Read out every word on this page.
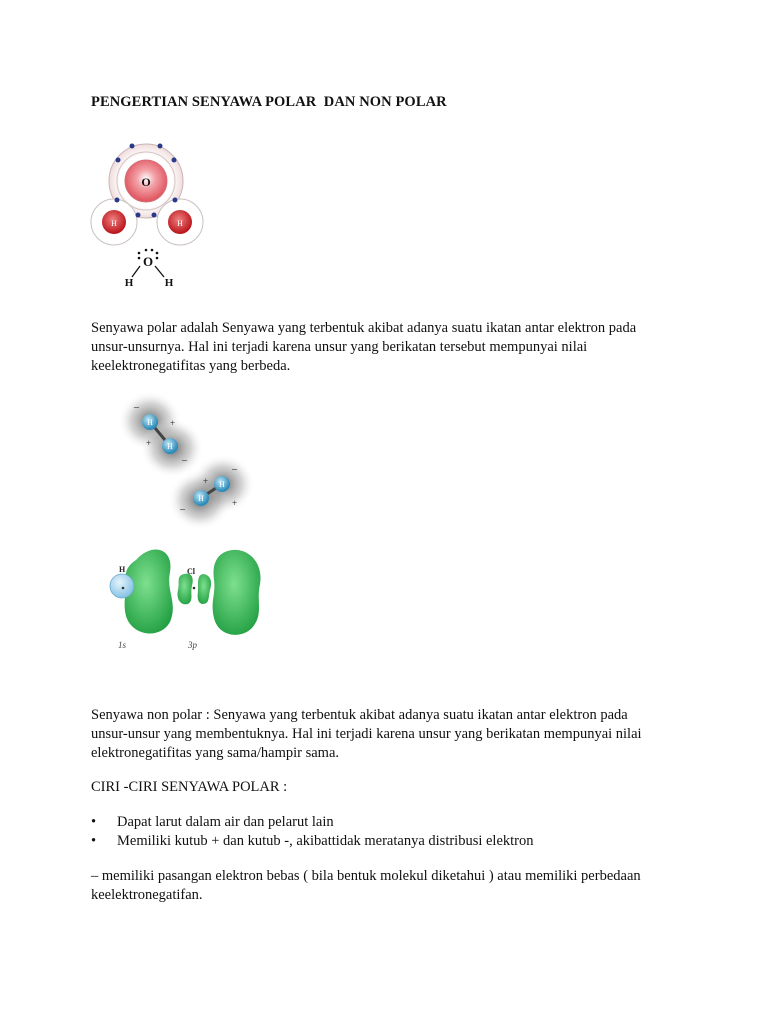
PENGERTIAN SENYAWA POLAR  DAN NON POLAR
O
H	H
O
H	H
Senyawa polar adalah Senyawa yang terbentuk akibat adanya suatu ikatan antar elektron pada
unsur-unsurnya. Hal ini terjadi karena unsur yang berikatan tersebut mempunyai nilai
keelektronegatifitas yang berbeda.
H
H
H
H
–
+
+
–
–
+
+
–
H	Cl
1s	3p
Senyawa non polar : Senyawa yang terbentuk akibat adanya suatu ikatan antar elektron pada
unsur-unsur yang membentuknya. Hal ini terjadi karena unsur yang berikatan mempunyai nilai
elektronegatifitas yang sama/hampir sama.
CIRI -CIRI SENYAWA POLAR :
• Dapat larut dalam air dan pelarut lain
• Memiliki kutub + dan kutub -, akibattidak meratanya distribusi elektron
– memiliki pasangan elektron bebas ( bila bentuk molekul diketahui ) atau memiliki perbedaan
keelektronegatifan.
